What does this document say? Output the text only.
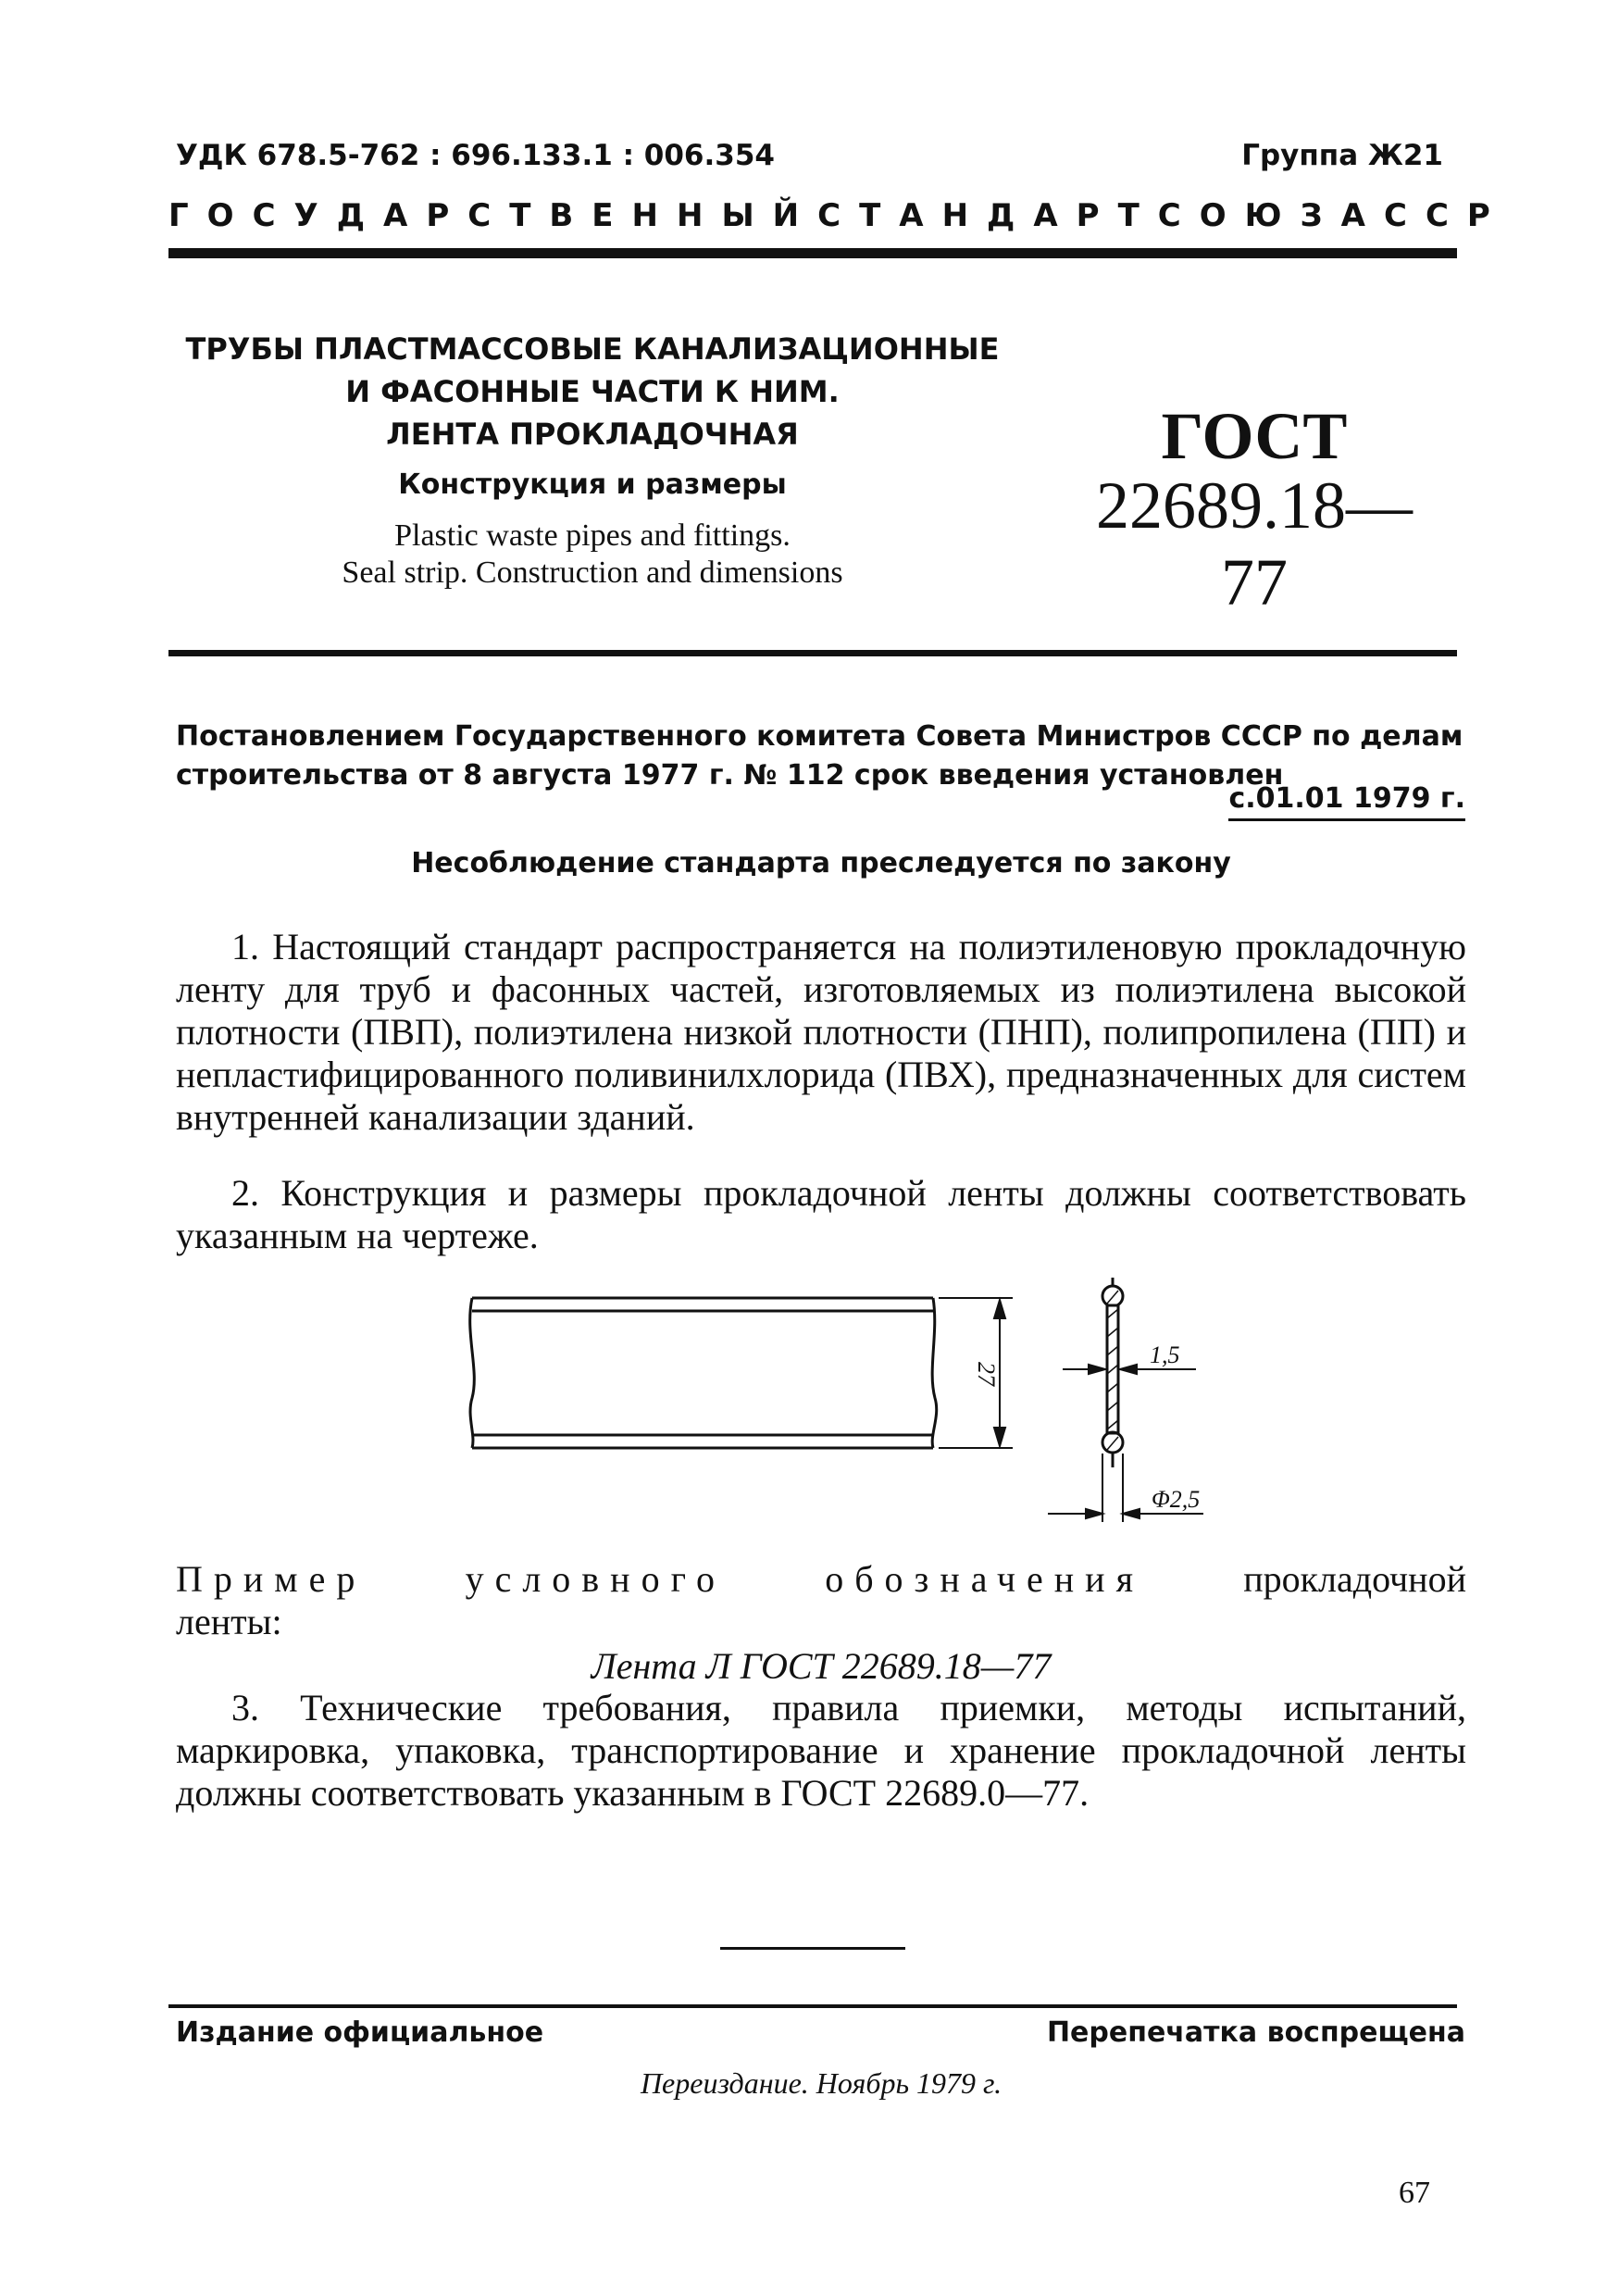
УДК 678.5-762 : 696.133.1 : 006.354	Группа Ж21
ГОСУДАРСТВЕННЫЙ СТАНДАРТ СОЮЗА ССР
ТРУБЫ ПЛАСТМАССОВЫЕ КАНАЛИЗАЦИОННЫЕ
И ФАСОННЫЕ ЧАСТИ К НИМ.
ЛЕНТА ПРОКЛАДОЧНАЯ
Конструкция и размеры
Plastic waste pipes and fittings.
Seal strip. Construction and dimensions
ГОСТ
22689.18—77
Постановлением Государственного комитета Совета Министров СССР по делам строительства от 8 августа 1977 г. № 112 срок введения установлен
с.01.01 1979 г.
Несоблюдение стандарта преследуется по закону
1. Настоящий стандарт распространяется на полиэтиленовую прокладочную ленту для труб и фасонных частей, изготовляемых из полиэтилена высокой плотности (ПВП), полиэтилена низкой плотности (ПНП), полипропилена (ПП) и непластифицированного поливинилхлорида (ПВХ), предназначенных для систем внутренней канализации зданий.
2. Конструкция и размеры прокладочной ленты должны соответствовать указанным на чертеже.
27
1,5
Φ2,5
Пример	условного	обозначения	прокладочной
ленты:
Лента Л ГОСТ 22689.18—77
3. Технические требования, правила приемки, методы испытаний, маркировка, упаковка, транспортирование и хранение прокладочной ленты должны соответствовать указанным в ГОСТ 22689.0—77.
Издание официальное	Перепечатка воспрещена
Переиздание. Ноябрь 1979 г.
67
